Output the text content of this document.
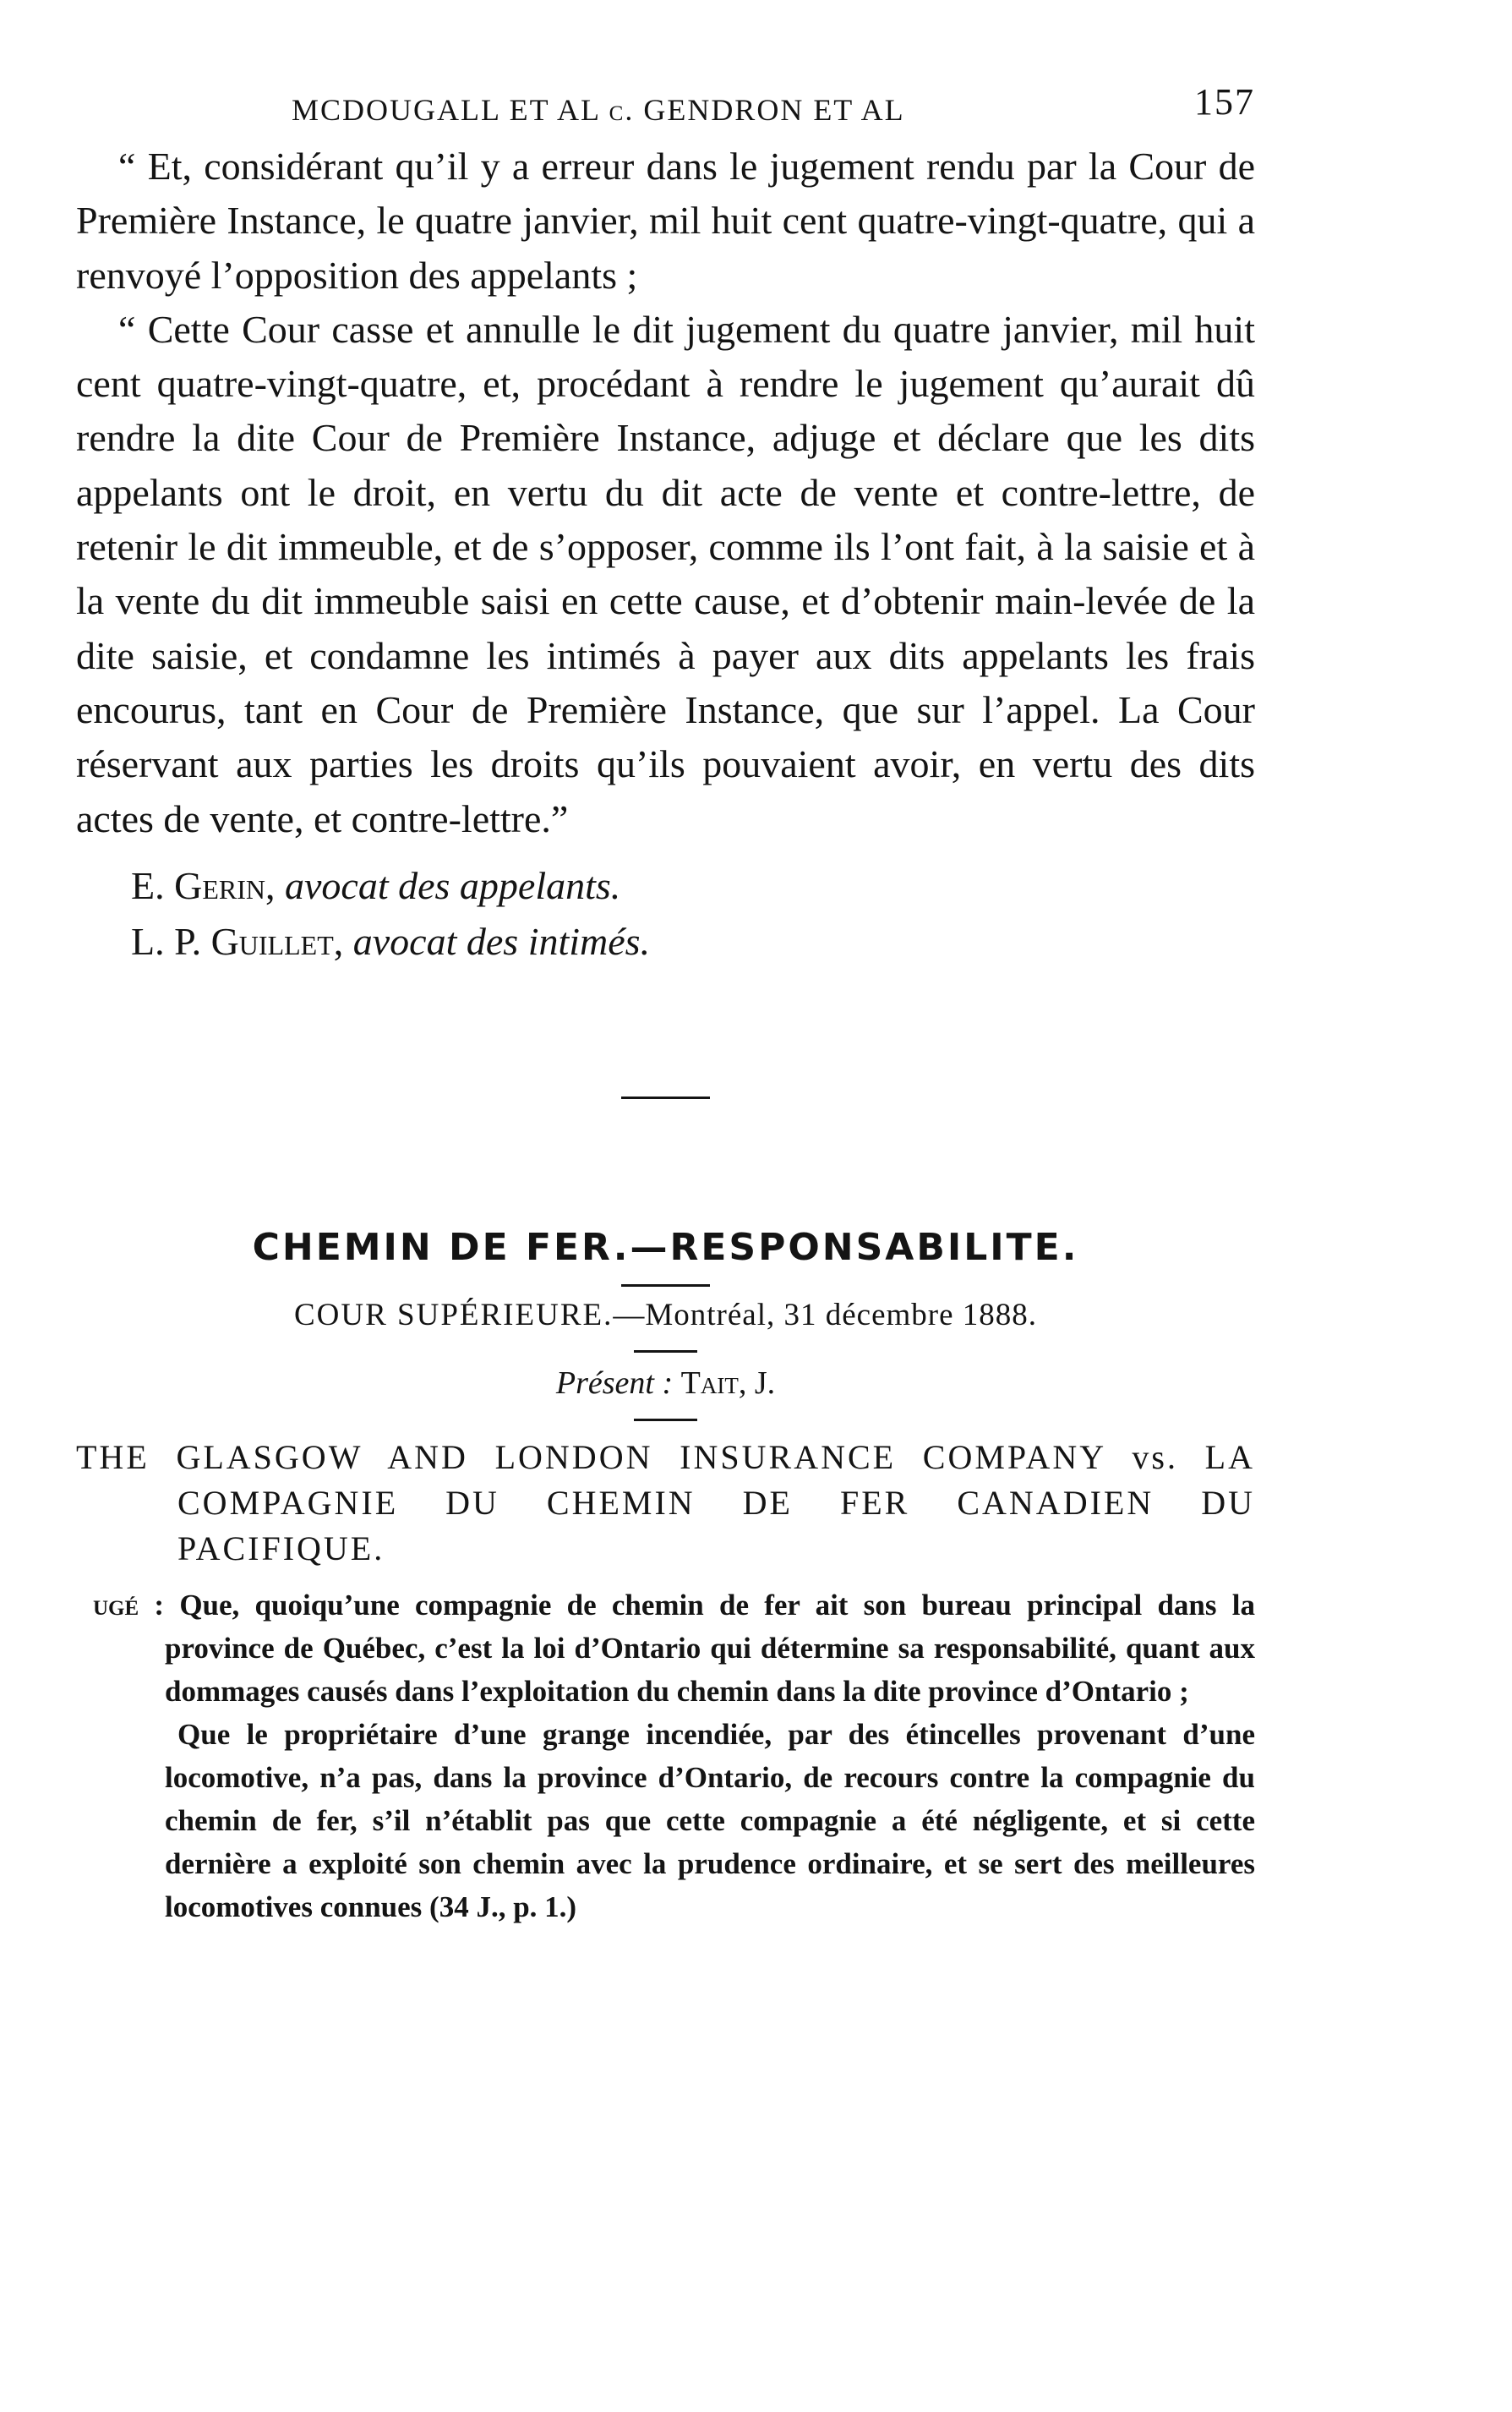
MCDOUGALL ET AL c. GENDRON ET AL	157

“ Et, considérant qu’il y a erreur dans le jugement rendu par la Cour de Première Instance, le quatre janvier, mil huit cent quatre-vingt-quatre, qui a renvoyé l’opposition des appelants ;

“ Cette Cour casse et annulle le dit jugement du quatre janvier, mil huit cent quatre-vingt-quatre, et, procédant à rendre le jugement qu’aurait dû rendre la dite Cour de Première Instance, adjuge et déclare que les dits appelants ont le droit, en vertu du dit acte de vente et contre-lettre, de retenir le dit immeuble, et de s’opposer, comme ils l’ont fait, à la saisie et à la vente du dit immeuble saisi en cette cause, et d’obtenir main-levée de la dite saisie, et condamne les intimés à payer aux dits appelants les frais encourus, tant en Cour de Première Instance, que sur l’appel. La Cour réservant aux parties les droits qu’ils pouvaient avoir, en vertu des dits actes de vente, et contre-lettre.”

E. Gerin, avocat des appelants.
L. P. Guillet, avocat des intimés.
CHEMIN DE FER.—RESPONSABILITE.
COUR SUPÉRIEURE.—Montréal, 31 décembre 1888.
Présent : Tait, J.

THE GLASGOW AND LONDON INSURANCE COMPANY vs. LA COMPAGNIE DU CHEMIN DE FER CANADIEN DU PACIFIQUE.

ugé : Que, quoiqu’une compagnie de chemin de fer ait son bureau principal dans la province de Québec, c’est la loi d’Ontario qui détermine sa responsabilité, quant aux dommages causés dans l’exploitation du chemin dans la dite province d’Ontario ;

Que le propriétaire d’une grange incendiée, par des étincelles provenant d’une locomotive, n’a pas, dans la province d’Ontario, de recours contre la compagnie du chemin de fer, s’il n’établit pas que cette compagnie a été négligente, et si cette dernière a exploité son chemin avec la prudence ordinaire, et se sert des meilleures locomotives connues (34 J., p. 1.)
